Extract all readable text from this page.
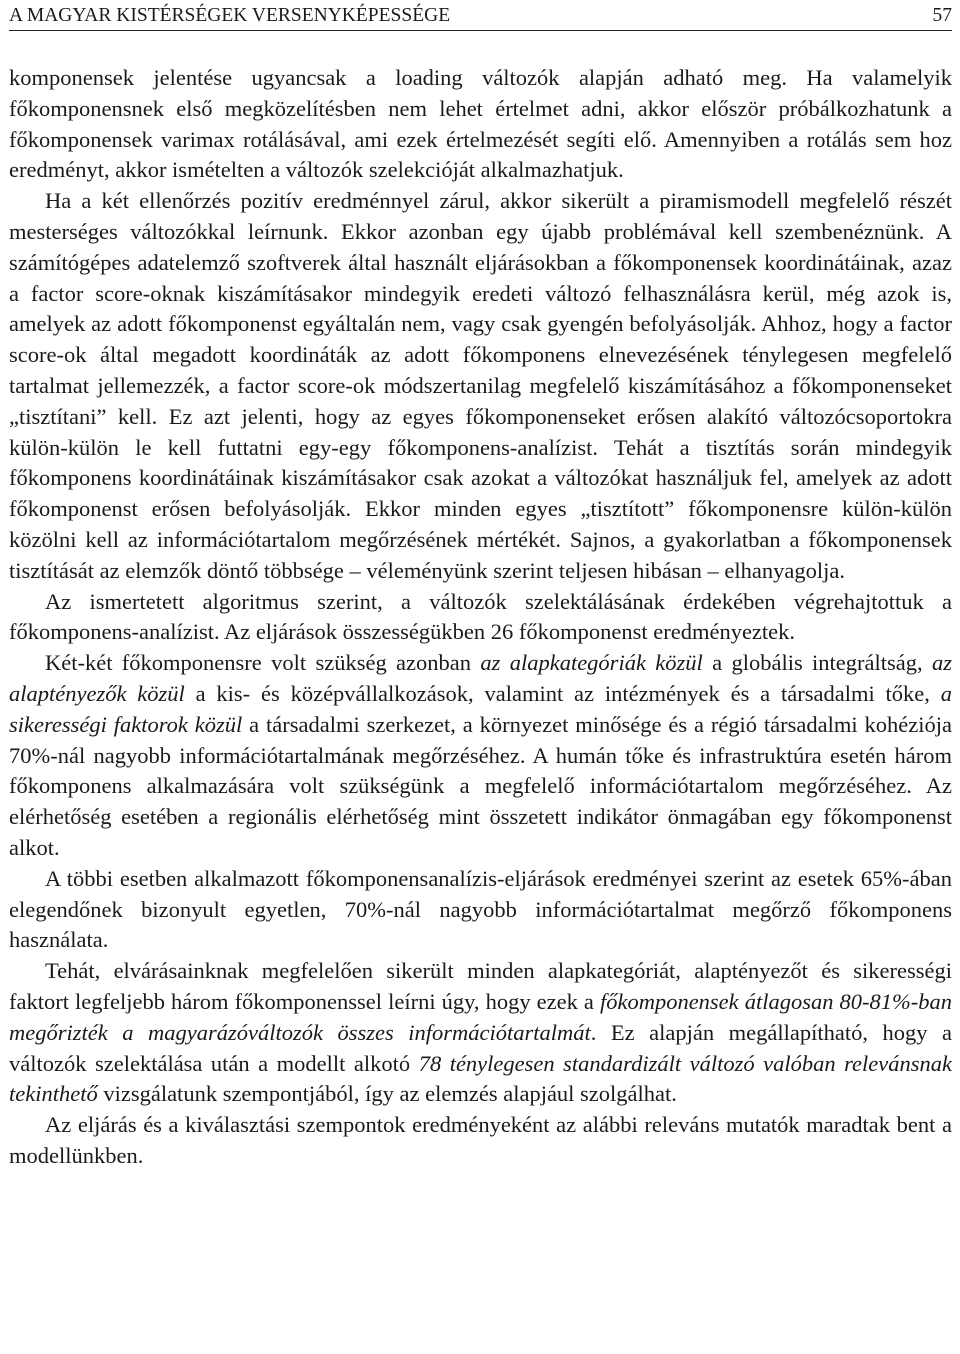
A MAGYAR KISTÉRSÉGEK VERSENYKÉPESSÉGE	57

komponensek jelentése ugyancsak a loading változók alapján adható meg. Ha valamelyik főkomponensnek első megközelítésben nem lehet értelmet adni, akkor először próbálkozhatunk a főkomponensek varimax rotálásával, ami ezek értelmezését segíti elő. Amennyiben a rotálás sem hoz eredményt, akkor ismételten a változók szelekcióját alkalmazhatjuk.

Ha a két ellenőrzés pozitív eredménnyel zárul, akkor sikerült a piramismodell megfelelő részét mesterséges változókkal leírnunk. Ekkor azonban egy újabb problémával kell szembenéznünk. A számítógépes adatelemző szoftverek által használt eljárásokban a főkomponensek koordinátáinak, azaz a factor score-oknak kiszámításakor mindegyik eredeti változó felhasználásra kerül, még azok is, amelyek az adott főkomponenst egyáltalán nem, vagy csak gyengén befolyásolják. Ahhoz, hogy a factor score-ok által megadott koordináták az adott főkomponens elnevezésének ténylegesen megfelelő tartalmat jellemezzék, a factor score-ok módszertanilag megfelelő kiszámításához a főkomponenseket „tisztítani” kell. Ez azt jelenti, hogy az egyes főkomponenseket erősen alakító változócsoportokra külön-külön le kell futtatni egy-egy főkomponens-analízist. Tehát a tisztítás során mindegyik főkomponens koordinátáinak kiszámításakor csak azokat a változókat használjuk fel, amelyek az adott főkomponenst erősen befolyásolják. Ekkor minden egyes „tisztított” főkomponensre külön-külön közölni kell az információtartalom megőrzésének mértékét. Sajnos, a gyakorlatban a főkomponensek tisztítását az elemzők döntő többsége – véleményünk szerint teljesen hibásan – elhanyagolja.

Az ismertetett algoritmus szerint, a változók szelektálásának érdekében végrehajtottuk a főkomponens-analízist. Az eljárások összességükben 26 főkomponenst eredményeztek.

Két-két főkomponensre volt szükség azonban az alapkategóriák közül a globális integráltság, az alaptényezők közül a kis- és középvállalkozások, valamint az intézmények és a társadalmi tőke, a sikerességi faktorok közül a társadalmi szerkezet, a környezet minősége és a régió társadalmi kohéziója 70%-nál nagyobb információtartalmának megőrzéséhez. A humán tőke és infrastruktúra esetén három főkomponens alkalmazására volt szükségünk a megfelelő információtartalom megőrzéséhez. Az elérhetőség esetében a regionális elérhetőség mint összetett indikátor önmagában egy főkomponenst alkot.

A többi esetben alkalmazott főkomponensanalízis-eljárások eredményei szerint az esetek 65%-ában elegendőnek bizonyult egyetlen, 70%-nál nagyobb információtartalmat megőrző főkomponens használata.

Tehát, elvárásainknak megfelelően sikerült minden alapkategóriát, alaptényezőt és sikerességi faktort legfeljebb három főkomponenssel leírni úgy, hogy ezek a főkomponensek átlagosan 80-81%-ban megőrizték a magyarázóváltozók összes információtartalmát. Ez alapján megállapítható, hogy a változók szelektálása után a modellt alkotó 78 ténylegesen standardizált változó valóban relevánsnak tekinthető vizsgálatunk szempontjából, így az elemzés alapjául szolgálhat.

Az eljárás és a kiválasztási szempontok eredményeként az alábbi releváns mutatók maradtak bent a modellünkben.
